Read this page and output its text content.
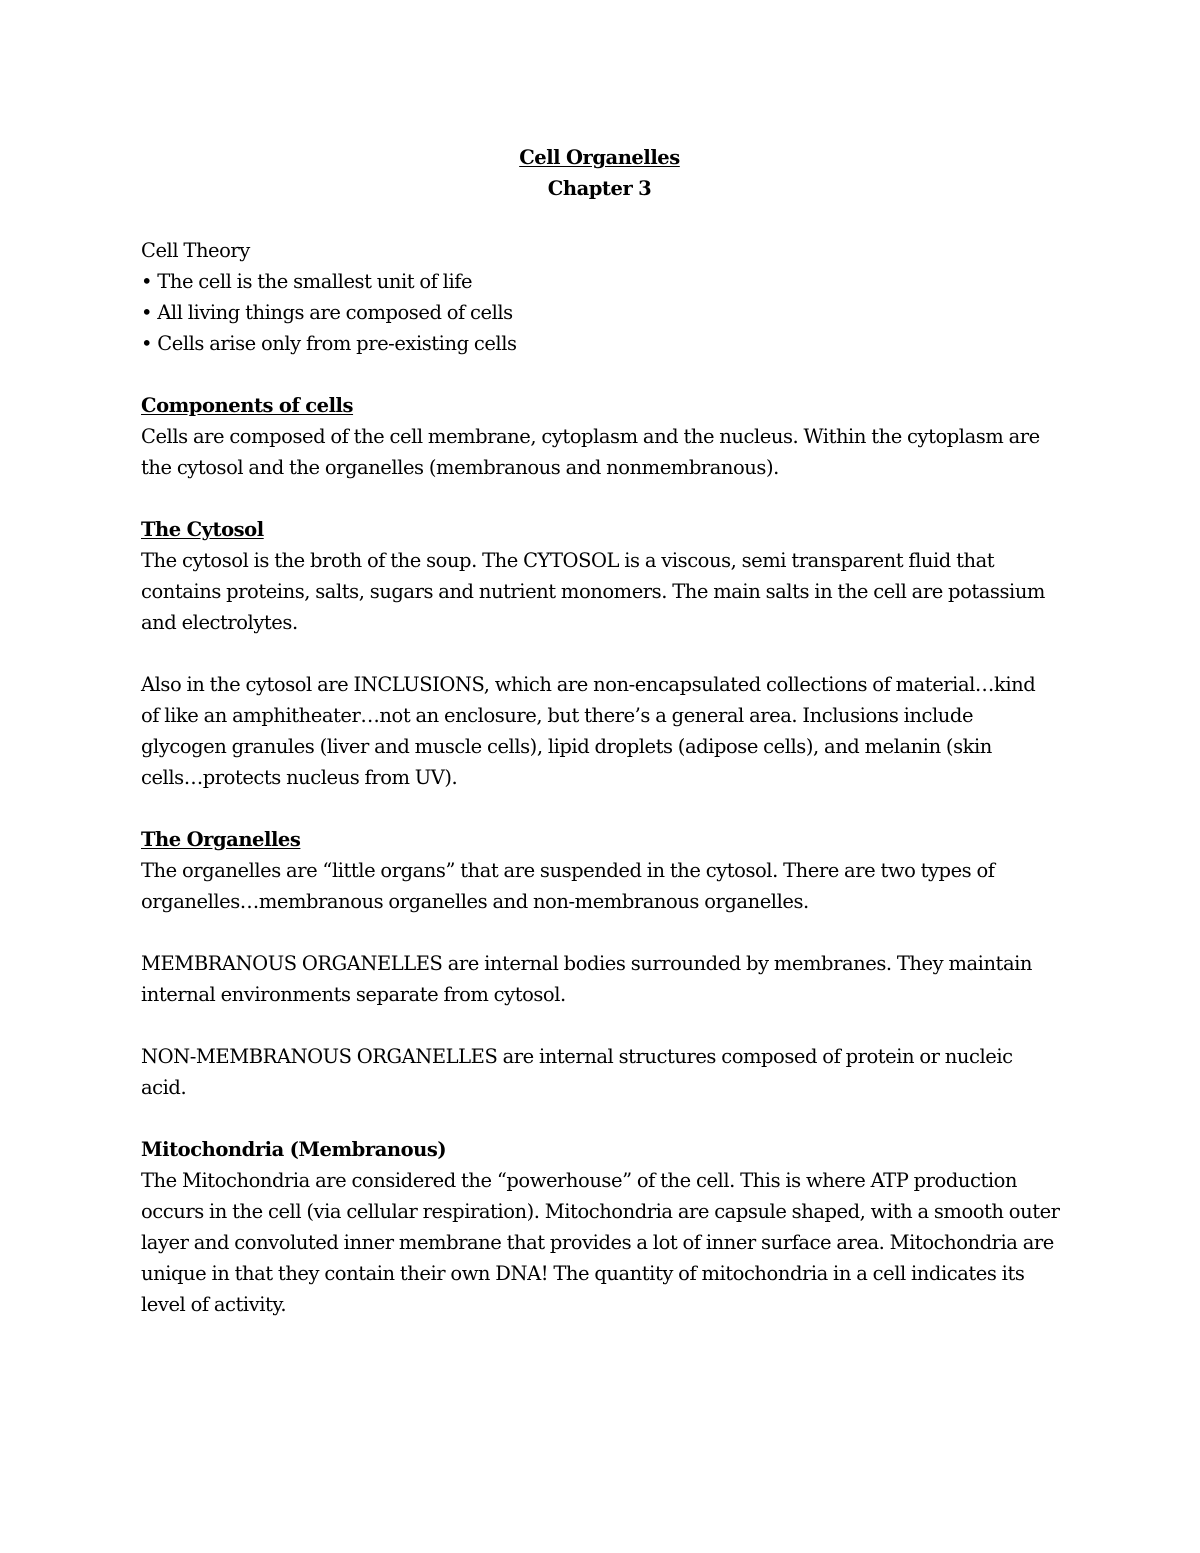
Cell Organelles
Chapter 3
Cell Theory
• The cell is the smallest unit of life
• All living things are composed of cells
• Cells arise only from pre-existing cells
Components of cells
Cells are composed of the cell membrane, cytoplasm and the nucleus. Within the cytoplasm are
the cytosol and the organelles (membranous and nonmembranous).
The Cytosol
The cytosol is the broth of the soup. The CYTOSOL is a viscous, semi transparent fluid that
contains proteins, salts, sugars and nutrient monomers. The main salts in the cell are potassium
and electrolytes.
Also in the cytosol are INCLUSIONS, which are non-encapsulated collections of material…kind
of like an amphitheater…not an enclosure, but there’s a general area. Inclusions include
glycogen granules (liver and muscle cells), lipid droplets (adipose cells), and melanin (skin
cells…protects nucleus from UV).
The Organelles
The organelles are “little organs” that are suspended in the cytosol. There are two types of
organelles…membranous organelles and non-membranous organelles.
MEMBRANOUS ORGANELLES are internal bodies surrounded by membranes. They maintain
internal environments separate from cytosol.
NON-MEMBRANOUS ORGANELLES are internal structures composed of protein or nucleic
acid.
Mitochondria (Membranous)
The Mitochondria are considered the “powerhouse” of the cell. This is where ATP production
occurs in the cell (via cellular respiration). Mitochondria are capsule shaped, with a smooth outer
layer and convoluted inner membrane that provides a lot of inner surface area. Mitochondria are
unique in that they contain their own DNA! The quantity of mitochondria in a cell indicates its
level of activity.
